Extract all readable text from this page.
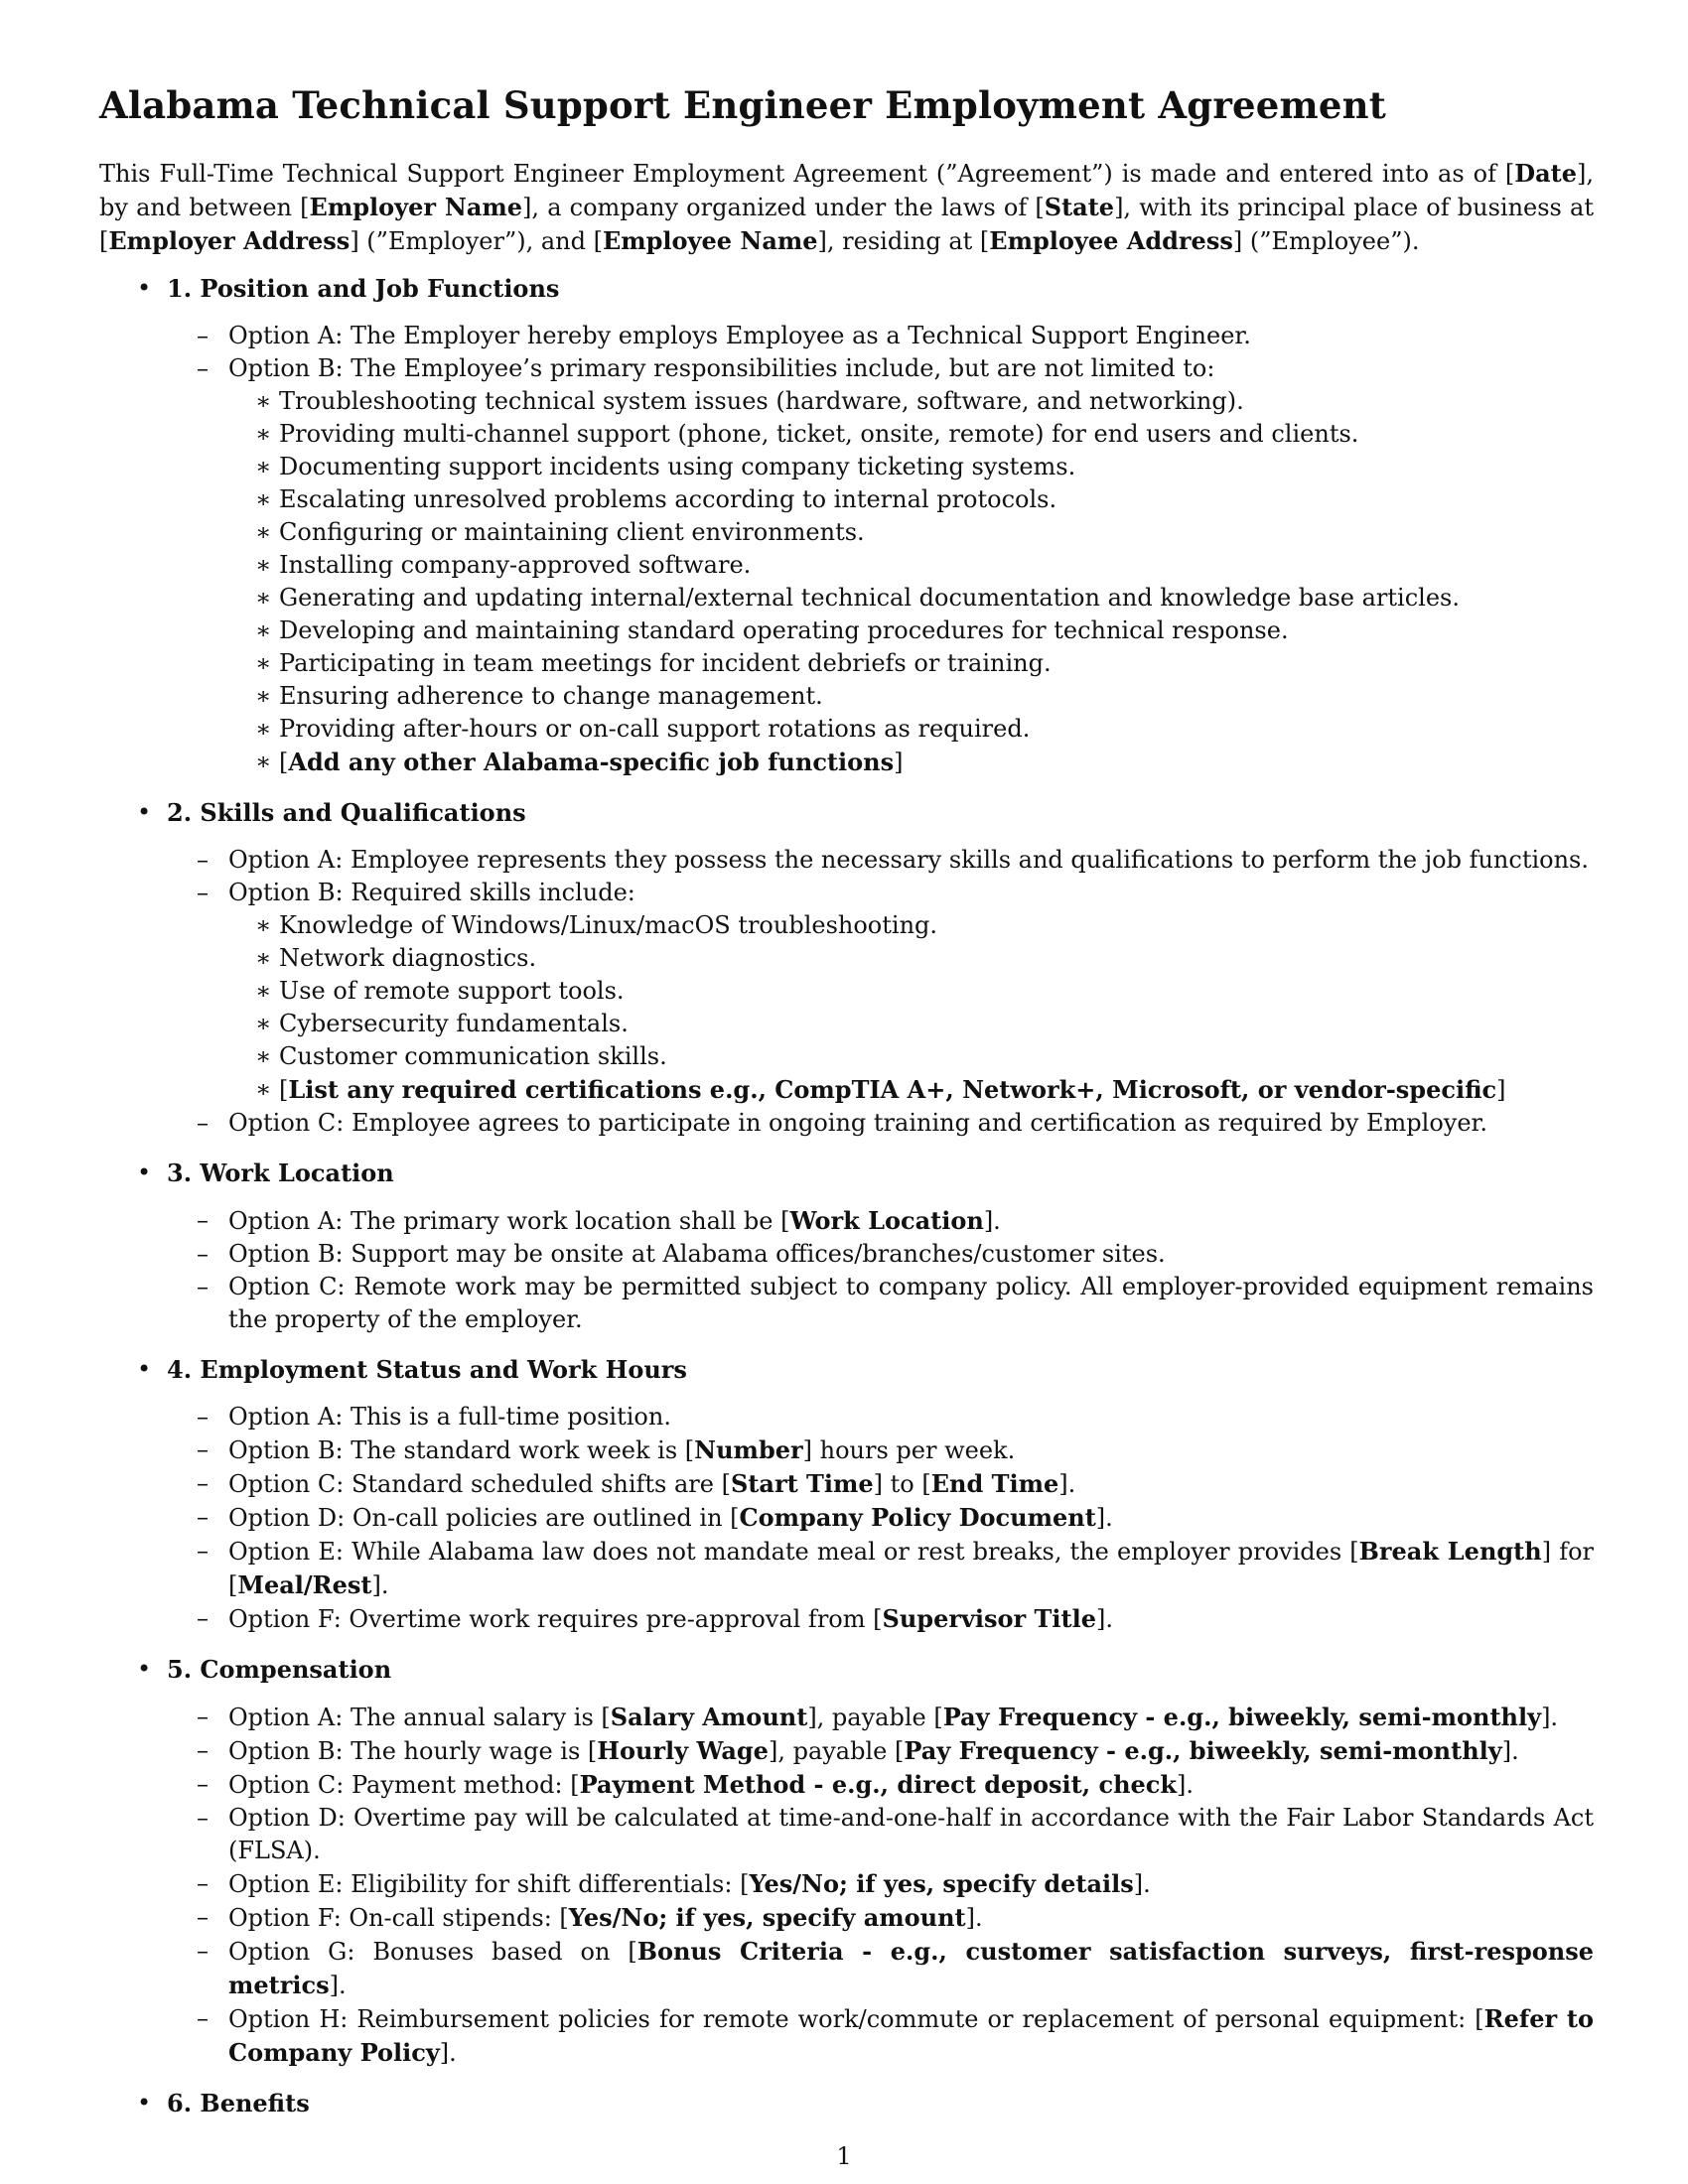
Alabama Technical Support Engineer Employment Agreement

This Full-Time Technical Support Engineer Employment Agreement (”Agreement”) is made and entered into as of [Date], by and between [Employer Name], a company organized under the laws of [State], with its principal place of business at [Employer Address] (”Employer”), and [Employee Name], residing at [Employee Address] (”Employee”).

• 1. Position and Job Functions
– Option A: The Employer hereby employs Employee as a Technical Support Engineer.
– Option B: The Employee’s primary responsibilities include, but are not limited to:
∗ Troubleshooting technical system issues (hardware, software, and networking).
∗ Providing multi-channel support (phone, ticket, onsite, remote) for end users and clients.
∗ Documenting support incidents using company ticketing systems.
∗ Escalating unresolved problems according to internal protocols.
∗ Configuring or maintaining client environments.
∗ Installing company-approved software.
∗ Generating and updating internal/external technical documentation and knowledge base articles.
∗ Developing and maintaining standard operating procedures for technical response.
∗ Participating in team meetings for incident debriefs or training.
∗ Ensuring adherence to change management.
∗ Providing after-hours or on-call support rotations as required.
∗ [Add any other Alabama-specific job functions]
• 2. Skills and Qualifications
– Option A: Employee represents they possess the necessary skills and qualifications to perform the job functions.
– Option B: Required skills include:
∗ Knowledge of Windows/Linux/macOS troubleshooting.
∗ Network diagnostics.
∗ Use of remote support tools.
∗ Cybersecurity fundamentals.
∗ Customer communication skills.
∗ [List any required certifications e.g., CompTIA A+, Network+, Microsoft, or vendor-specific]
– Option C: Employee agrees to participate in ongoing training and certification as required by Employer.
• 3. Work Location
– Option A: The primary work location shall be [Work Location].
– Option B: Support may be onsite at Alabama offices/branches/customer sites.
– Option C: Remote work may be permitted subject to company policy. All employer-provided equipment remains the property of the employer.
• 4. Employment Status and Work Hours
– Option A: This is a full-time position.
– Option B: The standard work week is [Number] hours per week.
– Option C: Standard scheduled shifts are [Start Time] to [End Time].
– Option D: On-call policies are outlined in [Company Policy Document].
– Option E: While Alabama law does not mandate meal or rest breaks, the employer provides [Break Length] for [Meal/Rest].
– Option F: Overtime work requires pre-approval from [Supervisor Title].
• 5. Compensation
– Option A: The annual salary is [Salary Amount], payable [Pay Frequency - e.g., biweekly, semi-monthly].
– Option B: The hourly wage is [Hourly Wage], payable [Pay Frequency - e.g., biweekly, semi-monthly].
– Option C: Payment method: [Payment Method - e.g., direct deposit, check].
– Option D: Overtime pay will be calculated at time-and-one-half in accordance with the Fair Labor Standards Act (FLSA).
– Option E: Eligibility for shift differentials: [Yes/No; if yes, specify details].
– Option F: On-call stipends: [Yes/No; if yes, specify amount].
– Option G: Bonuses based on [Bonus Criteria - e.g., customer satisfaction surveys, first-response metrics].
– Option H: Reimbursement policies for remote work/commute or replacement of personal equipment: [Refer to Company Policy].
• 6. Benefits
1
